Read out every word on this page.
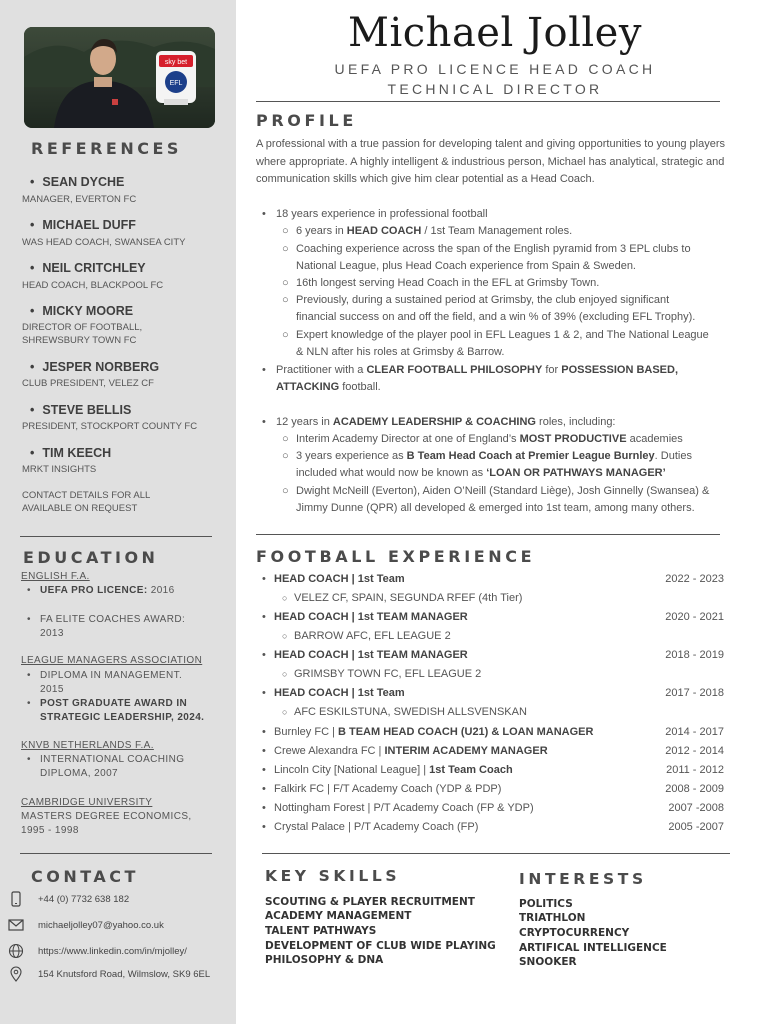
sky bet
EFL
REFERENCES
• SEAN DYCHE
MANAGER, EVERTON FC
• MICHAEL DUFF
WAS HEAD COACH, SWANSEA CITY
• NEIL CRITCHLEY
HEAD COACH, BLACKPOOL FC
• MICKY MOORE
DIRECTOR OF FOOTBALL,
SHREWSBURY TOWN FC
• JESPER NORBERG
CLUB PRESIDENT, VELEZ CF
• STEVE BELLIS
PRESIDENT, STOCKPORT COUNTY FC
• TIM KEECH
MRKT INSIGHTS
CONTACT DETAILS FOR ALL
AVAILABLE ON REQUEST
EDUCATION
ENGLISH F.A.
• UEFA PRO LICENCE: 2016
• FA ELITE COACHES AWARD:
2013
LEAGUE MANAGERS ASSOCIATION
• DIPLOMA IN MANAGEMENT.
2015
• POST GRADUATE AWARD IN
STRATEGIC LEADERSHIP, 2024.
KNVB NETHERLANDS F.A.
• INTERNATIONAL COACHING
DIPLOMA, 2007
CAMBRIDGE UNIVERSITY
MASTERS DEGREE ECONOMICS,
1995 - 1998
CONTACT
+44 (0) 7732 638 182
michaeljolley07@yahoo.co.uk
https://www.linkedin.com/in/mjolley/
154 Knutsford Road, Wilmslow, SK9 6EL
Michael Jolley
UEFA PRO LICENCE HEAD COACH
TECHNICAL DIRECTOR
PROFILE
A professional with a true passion for developing talent and giving opportunities to young players where appropriate. A highly intelligent & industrious person, Michael has analytical, strategic and communication skills which give him clear potential as a Head Coach.
• 18 years experience in professional football
○ 6 years in HEAD COACH / 1st Team Management roles.
○ Coaching experience across the span of the English pyramid from 3 EPL clubs to
National League, plus Head Coach experience from Spain & Sweden.
○ 16th longest serving Head Coach in the EFL at Grimsby Town.
○ Previously, during a sustained period at Grimsby, the club enjoyed significant
financial success on and off the field, and a win % of 39% (excluding EFL Trophy).
○ Expert knowledge of the player pool in EFL Leagues 1 & 2, and The National League
& NLN after his roles at Grimsby & Barrow.
• Practitioner with a CLEAR FOOTBALL PHILOSOPHY for POSSESSION BASED,
ATTACKING football.
• 12 years in ACADEMY LEADERSHIP & COACHING roles, including:
○ Interim Academy Director at one of England’s MOST PRODUCTIVE academies
○ 3 years experience as B Team Head Coach at Premier League Burnley. Duties
included what would now be known as ‘LOAN OR PATHWAYS MANAGER’
○ Dwight McNeill (Everton), Aiden O’Neill (Standard Liège), Josh Ginnelly (Swansea) &
Jimmy Dunne (QPR) all developed & emerged into 1st team, among many others.
FOOTBALL EXPERIENCE
• HEAD COACH | 1st Team	2022 - 2023
○ VELEZ CF, SPAIN, SEGUNDA RFEF (4th Tier)
• HEAD COACH | 1st TEAM MANAGER	2020 - 2021
○ BARROW AFC, EFL LEAGUE 2
• HEAD COACH | 1st TEAM MANAGER	2018 - 2019
○ GRIMSBY TOWN FC, EFL LEAGUE 2
• HEAD COACH | 1st Team	2017 - 2018
○ AFC ESKILSTUNA, SWEDISH ALLSVENSKAN
• Burnley FC | B TEAM HEAD COACH (U21) & LOAN MANAGER	2014 - 2017
• Crewe Alexandra FC | INTERIM ACADEMY MANAGER	2012 - 2014
• Lincoln City [National League] | 1st Team Coach	2011 - 2012
• Falkirk FC | F/T Academy Coach (YDP & PDP)	2008 - 2009
• Nottingham Forest | P/T Academy Coach (FP & YDP)	2007 -2008
• Crystal Palace | P/T Academy Coach (FP)	2005 -2007
KEY SKILLS
SCOUTING & PLAYER RECRUITMENT
ACADEMY MANAGEMENT
TALENT PATHWAYS
DEVELOPMENT OF CLUB WIDE PLAYING
PHILOSOPHY & DNA
INTERESTS
POLITICS
TRIATHLON
CRYPTOCURRENCY
ARTIFICAL INTELLIGENCE
SNOOKER
